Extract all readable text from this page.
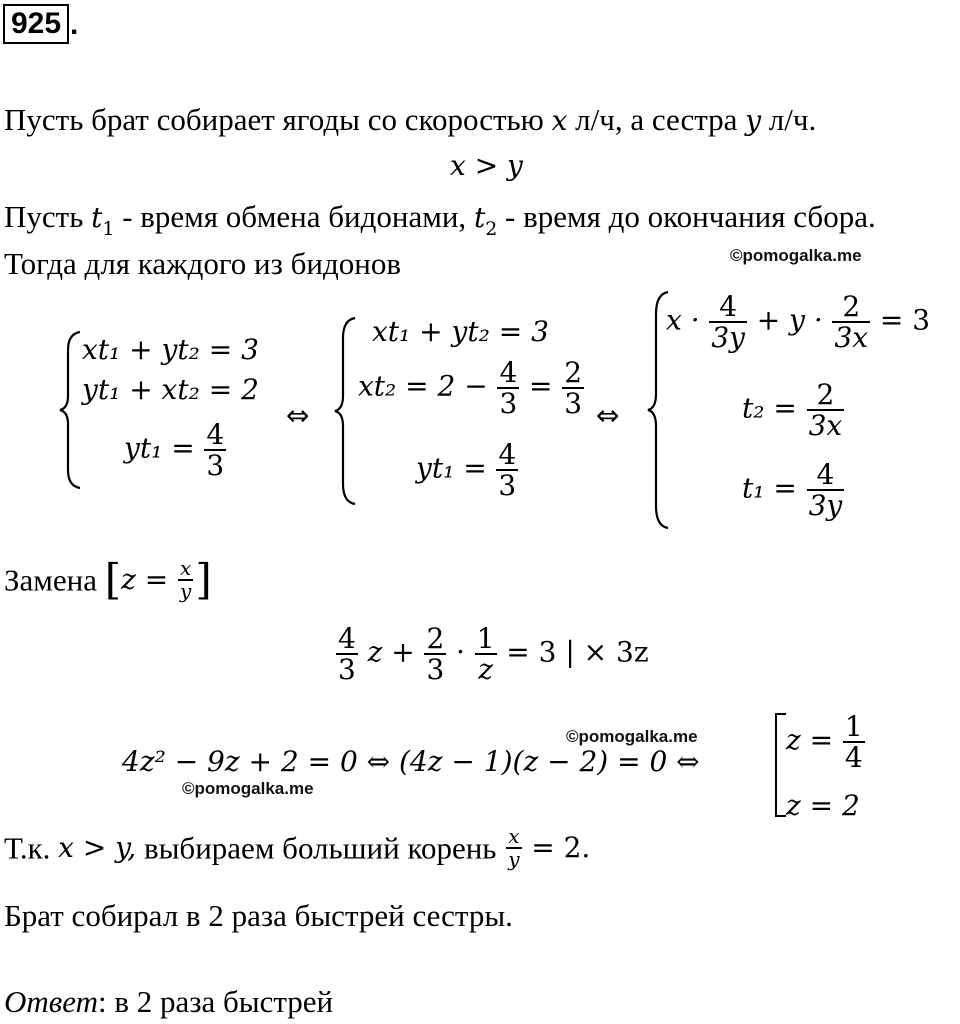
925 .
Пусть брат собирает ягоды со скоростью x л/ч, а сестра y л/ч.
x > y
Пусть $t_1$ - время обмена бидонами, $t_2$ - время до окончания сбора.
Тогда для каждого из бидонов	©pomogalka.me
xt₁ + yt₂ = 3
yt₁ + xt₂ = 2
$yt_1 = \frac{4}{3}$
⇔
xt₁ + yt₂ = 3
$xt_2 = 2 - \frac{4}{3} = \frac{2}{3}$
$yt_1 = \frac{4}{3}$
⇔
$x \cdot \frac{4}{3y} + y \cdot \frac{2}{3x} = 3$
$t_2 = \frac{2}{3x}$
$t_1 = \frac{4}{3y}$
Замена [$z = \frac{x}{y}$ ]
$\frac{4}{3}$ $z + \frac{2}{3} \cdot \frac{1}{z} = 3$ | × 3z
©pomogalka.me
4z² − 9z + 2 = 0 ⇔ (4z − 1)(z − 2) = 0 ⇔
$z = \frac{1}{4}$
z = 2
©pomogalka.me
Т.к. x > y, выбираем больший корень $\frac{x}{y} = 2$.
Брат собирал в 2 раза быстрей сестры.
Ответ: в 2 раза быстрей
